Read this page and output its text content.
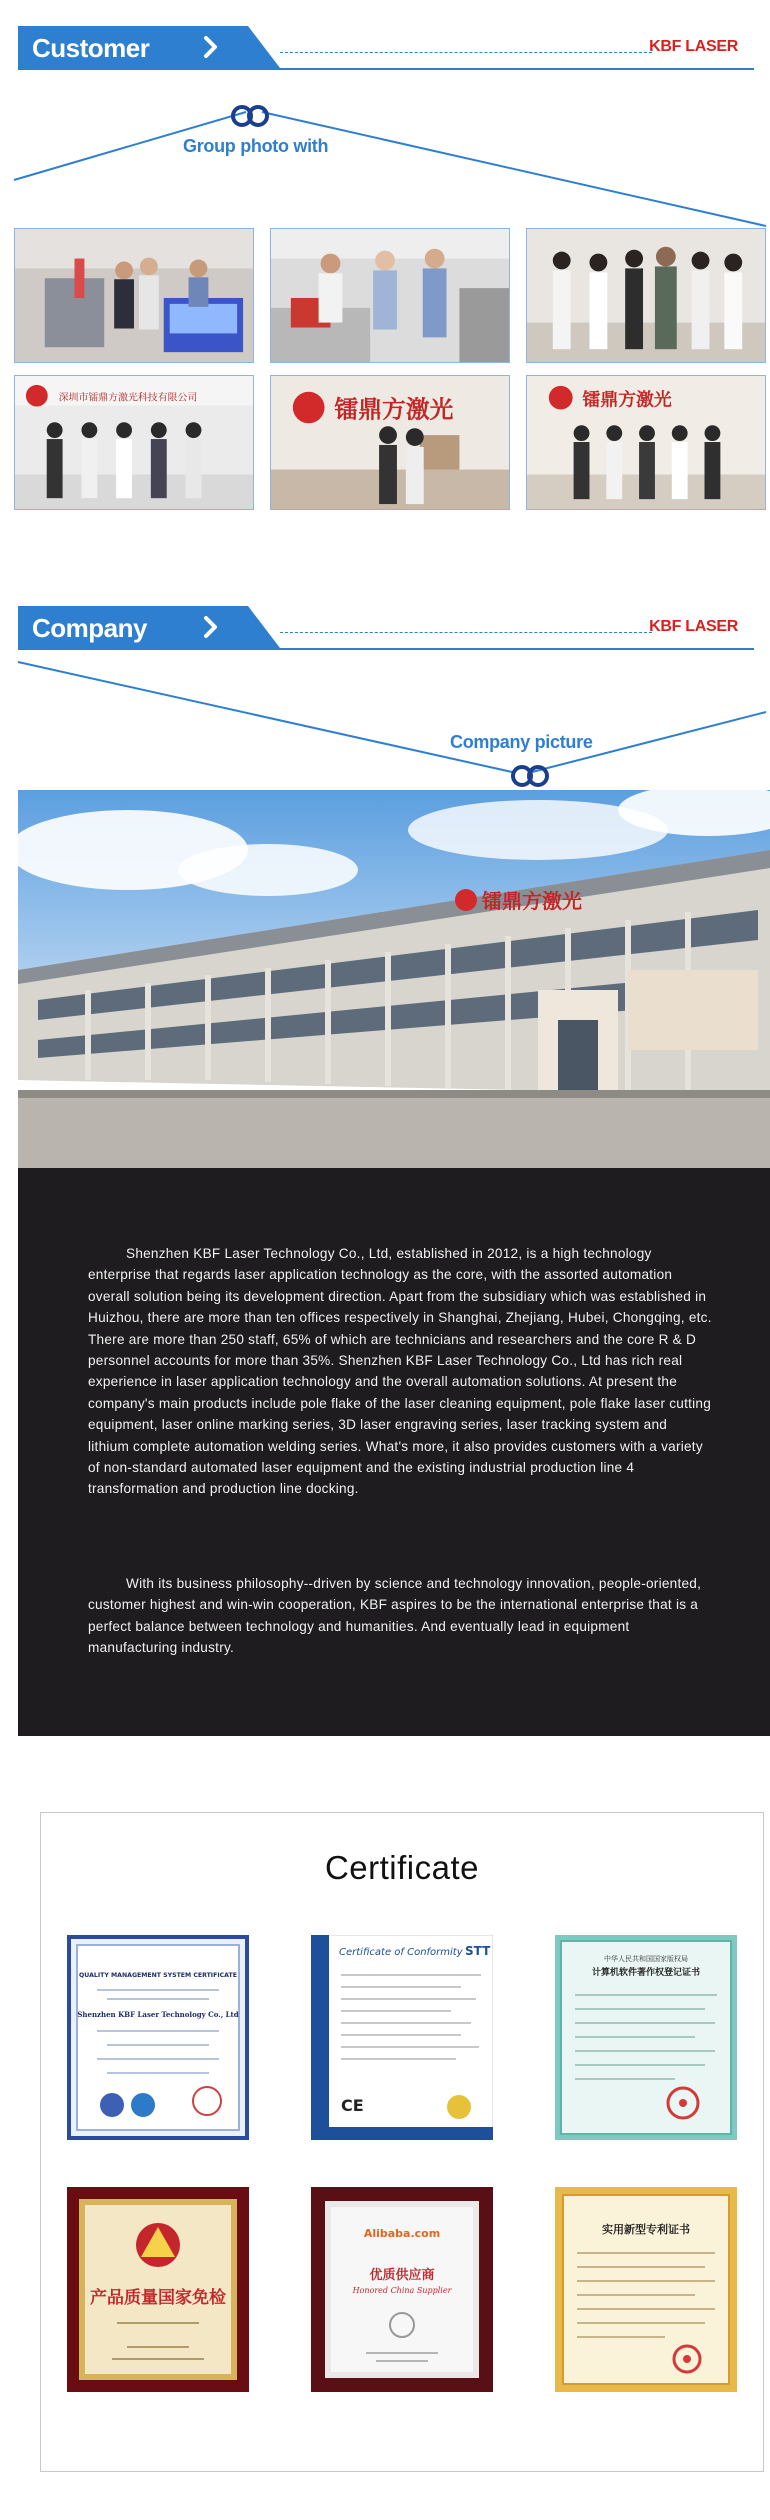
Customer	KBF LASER
Group photo with
深圳市镭鼎方激光科技有限公司	镭鼎方激光	镭鼎方激光
Company	KBF LASER
Company picture
镭鼎方激光

Shenzhen KBF Laser Technology Co., Ltd, established in 2012, is a high technology enterprise that regards laser application technology as the core, with the assorted automation overall solution being its development direction. Apart from the subsidiary which was established in Huizhou, there are more than ten offices respectively in Shanghai, Zhejiang, Hubei, Chongqing, etc. There are more than 250 staff, 65% of which are technicians and researchers and the core R & D personnel accounts for more than 35%. Shenzhen KBF Laser Technology Co., Ltd has rich real experience in laser application technology and the overall automation solutions. At present the company's main products include pole flake of the laser cleaning equipment, pole flake laser cutting equipment, laser online marking series, 3D laser engraving series, laser tracking system and lithium complete automation welding series. What's more, it also provides customers with a variety of non-standard automated laser equipment and the existing industrial production line 4 transformation and production line docking.

With its business philosophy--driven by science and technology innovation, people-oriented, customer highest and win-win cooperation, KBF aspires to be the international enterprise that is a perfect balance between technology and humanities. And eventually lead in equipment manufacturing industry.

Certificate
QUALITY MANAGEMENT SYSTEM CERTIFICATE
Shenzhen KBF Laser Technology Co., Ltd
Certificate of Conformity STT
CE
中华人民共和国国家版权局
计算机软件著作权登记证书
产品质量国家免检
Alibaba.com
优质供应商
Honored China Supplier
实用新型专利证书
